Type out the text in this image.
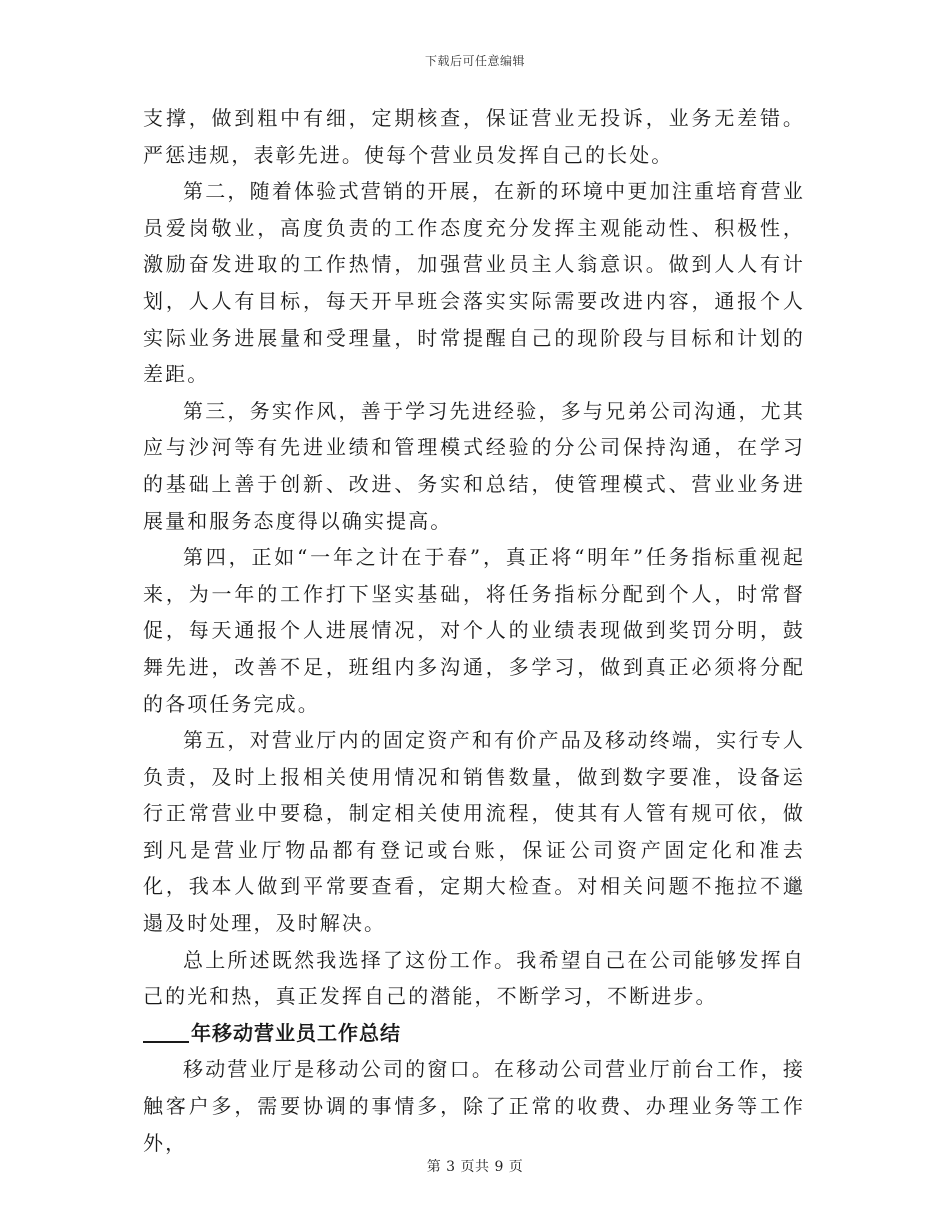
下载后可任意编辑

支撑，做到粗中有细，定期核查，保证营业无投诉，业务无差错。严惩违规，表彰先进。使每个营业员发挥自己的长处。

第二，随着体验式营销的开展，在新的环境中更加注重培育营业员爱岗敬业，高度负责的工作态度充分发挥主观能动性、积极性，激励奋发进取的工作热情，加强营业员主人翁意识。做到人人有计划，人人有目标，每天开早班会落实实际需要改进内容，通报个人实际业务进展量和受理量，时常提醒自己的现阶段与目标和计划的差距。

第三，务实作风，善于学习先进经验，多与兄弟公司沟通，尤其应与沙河等有先进业绩和管理模式经验的分公司保持沟通，在学习的基础上善于创新、改进、务实和总结，使管理模式、营业业务进展量和服务态度得以确实提高。

第四，正如“一年之计在于春”，真正将“明年”任务指标重视起来，为一年的工作打下坚实基础，将任务指标分配到个人，时常督促，每天通报个人进展情况，对个人的业绩表现做到奖罚分明，鼓舞先进，改善不足，班组内多沟通，多学习，做到真正必须将分配的各项任务完成。

第五，对营业厅内的固定资产和有价产品及移动终端，实行专人负责，及时上报相关使用情况和销售数量，做到数字要准，设备运行正常营业中要稳，制定相关使用流程，使其有人管有规可依，做到凡是营业厅物品都有登记或台账，保证公司资产固定化和准去化，我本人做到平常要查看，定期大检查。对相关问题不拖拉不邋遢及时处理，及时解决。

总上所述既然我选择了这份工作。我希望自己在公司能够发挥自己的光和热，真正发挥自己的潜能，不断学习，不断进步。

年移动营业员工作总结

移动营业厅是移动公司的窗口。在移动公司营业厅前台工作，接触客户多，需要协调的事情多，除了正常的收费、办理业务等工作外，

第 3 页共 9 页
